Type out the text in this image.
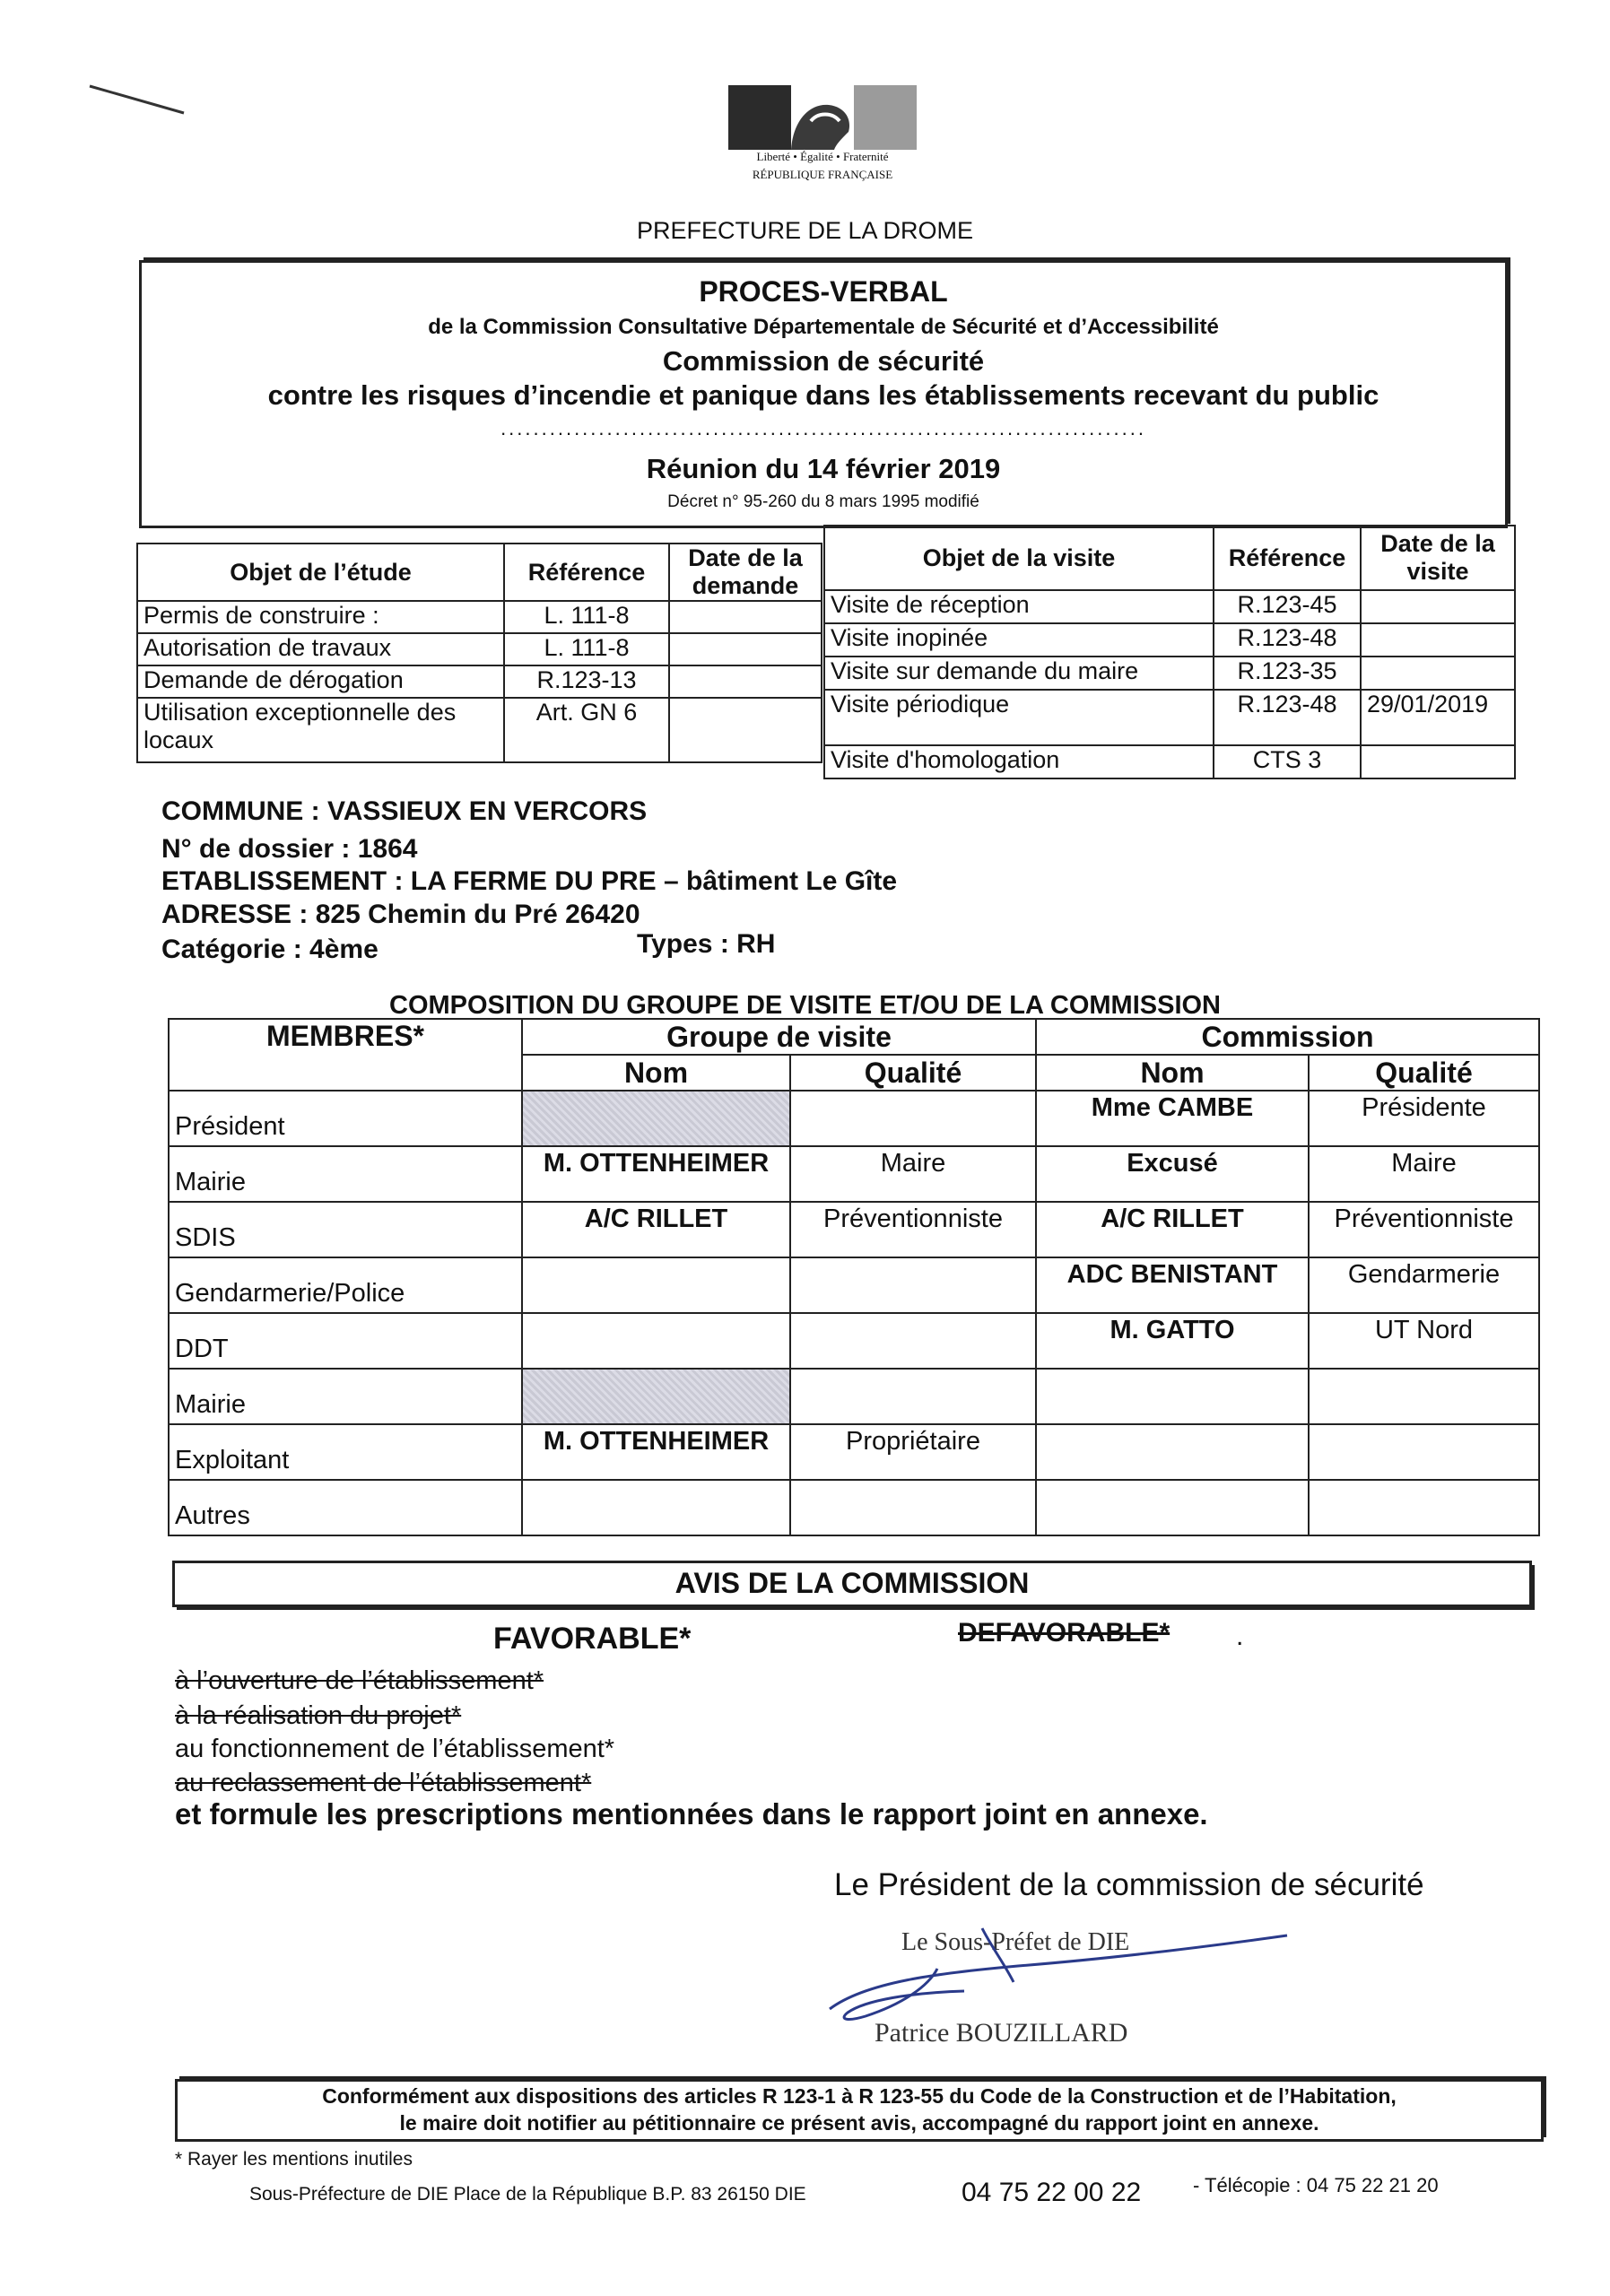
Liberté • Égalité • Fraternité
RÉPUBLIQUE FRANÇAISE
PREFECTURE DE LA DROME
PROCES-VERBAL
de la Commission Consultative Départementale de Sécurité et d’Accessibilité
Commission de sécurité
contre les risques d’incendie et panique dans les établissements recevant du public
...............................................................................
Réunion du 14 février 2019
Décret n° 95-260 du 8 mars 1995 modifié
Objet de l’étude	Référence	Date de la demande
Permis de construire :	L. 111-8	
Autorisation de travaux	L. 111-8	
Demande de dérogation	R.123-13	
Utilisation exceptionnelle des locaux	Art. GN 6	
Objet de la visite	Référence	Date de la visite
Visite de réception	R.123-45	
Visite inopinée	R.123-48	
Visite sur demande du maire	R.123-35	
Visite périodique	R.123-48	29/01/2019
Visite d'homologation	CTS 3	
COMMUNE : VASSIEUX EN VERCORS
N° de dossier : 1864
ETABLISSEMENT : LA FERME DU PRE – bâtiment Le Gîte
ADRESSE : 825 Chemin du Pré 26420
Catégorie : 4ème	Types : RH
COMPOSITION DU GROUPE DE VISITE ET/OU DE LA COMMISSION
MEMBRES*	Groupe de visite		Commission	
	Nom	Qualité	Nom	Qualité
Président			Mme CAMBE	Présidente
Mairie	M. OTTENHEIMER	Maire	Excusé	Maire
SDIS	A/C RILLET	Préventionniste	A/C RILLET	Préventionniste
Gendarmerie/Police			ADC BENISTANT	Gendarmerie
DDT			M. GATTO	UT Nord
Mairie				
Exploitant	M. OTTENHEIMER	Propriétaire		
Autres				
AVIS DE LA COMMISSION
FAVORABLE*	DEFAVORABLE* .
à l’ouverture de l’établissement*
à la réalisation du projet*
au fonctionnement de l’établissement*
au reclassement de l’établissement*
et formule les prescriptions mentionnées dans le rapport joint en annexe.
Le Président de la commission de sécurité
Le Sous-Préfet de DIE
Patrice BOUZILLARD
Conformément aux dispositions des articles R 123-1 à R 123-55 du Code de la Construction et de l’Habitation,
le maire doit notifier au pétitionnaire ce présent avis, accompagné du rapport joint en annexe.
* Rayer les mentions inutiles
Sous-Préfecture de DIE Place de la République B.P. 83 26150 DIE	04 75 22 00 22	- Télécopie : 04 75 22 21 20
